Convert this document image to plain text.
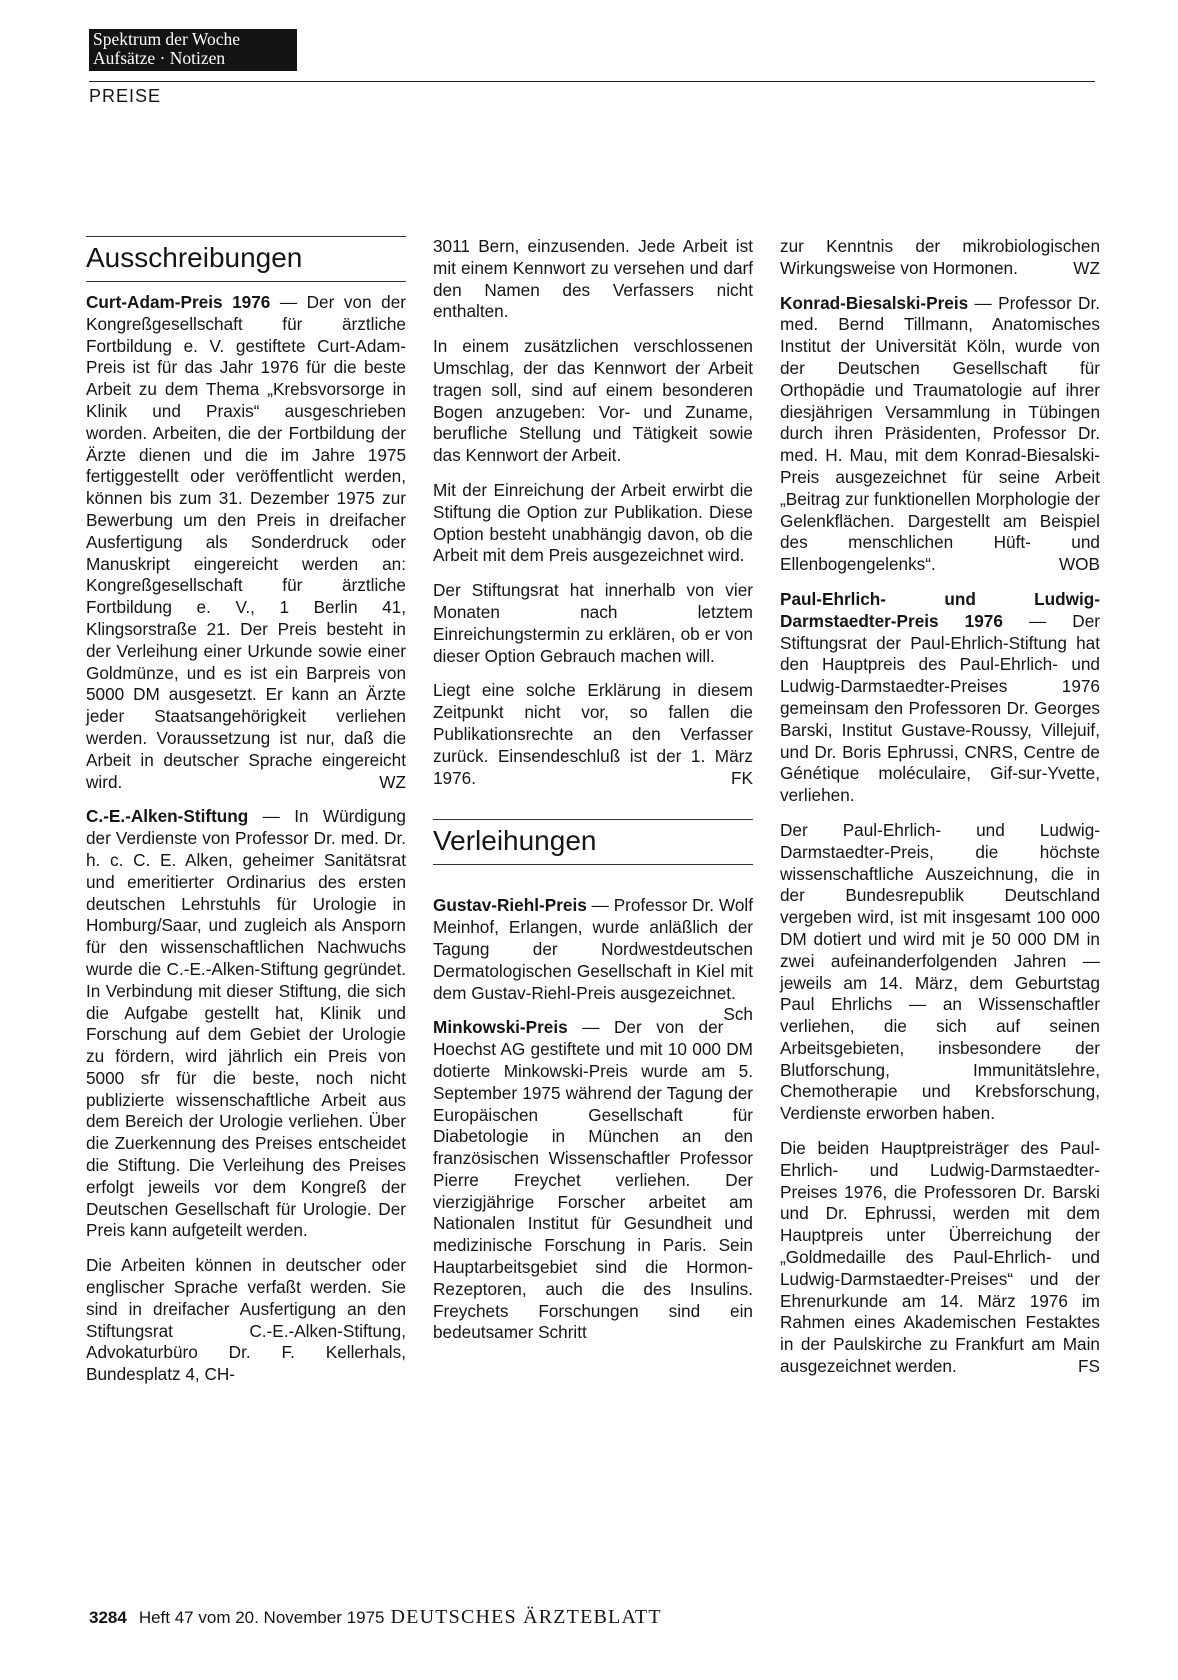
Spektrum der Woche
Aufsätze · Notizen
PREISE
Ausschreibungen

Curt-Adam-Preis 1976 — Der von der Kongreßgesellschaft für ärztliche Fortbildung e. V. gestiftete Curt-Adam-Preis ist für das Jahr 1976 für die beste Arbeit zu dem Thema „Krebsvorsorge in Klinik und Praxis“ ausgeschrieben worden. Arbeiten, die der Fortbildung der Ärzte dienen und die im Jahre 1975 fertiggestellt oder veröffentlicht werden, können bis zum 31. Dezember 1975 zur Bewerbung um den Preis in dreifacher Ausfertigung als Sonderdruck oder Manuskript eingereicht werden an: Kongreßgesellschaft für ärztliche Fortbildung e. V., 1 Berlin 41, Klingsorstraße 21. Der Preis besteht in der Verleihung einer Urkunde sowie einer Goldmünze, und es ist ein Barpreis von 5000 DM ausgesetzt. Er kann an Ärzte jeder Staatsangehörigkeit verliehen werden. Voraussetzung ist nur, daß die Arbeit in deutscher Sprache eingereicht wird.	WZ

C.-E.-Alken-Stiftung — In Würdigung der Verdienste von Professor Dr. med. Dr. h. c. C. E. Alken, geheimer Sanitätsrat und emeritierter Ordinarius des ersten deutschen Lehrstuhls für Urologie in Homburg/Saar, und zugleich als Ansporn für den wissenschaftlichen Nachwuchs wurde die C.-E.-Alken-Stiftung gegründet. In Verbindung mit dieser Stiftung, die sich die Aufgabe gestellt hat, Klinik und Forschung auf dem Gebiet der Urologie zu fördern, wird jährlich ein Preis von 5000 sfr für die beste, noch nicht publizierte wissenschaftliche Arbeit aus dem Bereich der Urologie verliehen. Über die Zuerkennung des Preises entscheidet die Stiftung. Die Verleihung des Preises erfolgt jeweils vor dem Kongreß der Deutschen Gesellschaft für Urologie. Der Preis kann aufgeteilt werden.

Die Arbeiten können in deutscher oder englischer Sprache verfaßt werden. Sie sind in dreifacher Ausfertigung an den Stiftungsrat C.-E.-Alken-Stiftung, Advokaturbüro Dr. F. Kellerhals, Bundesplatz 4, CH-

3011 Bern, einzusenden. Jede Arbeit ist mit einem Kennwort zu versehen und darf den Namen des Verfassers nicht enthalten.

In einem zusätzlichen verschlossenen Umschlag, der das Kennwort der Arbeit tragen soll, sind auf einem besonderen Bogen anzugeben: Vor- und Zuname, berufliche Stellung und Tätigkeit sowie das Kennwort der Arbeit.

Mit der Einreichung der Arbeit erwirbt die Stiftung die Option zur Publikation. Diese Option besteht unabhängig davon, ob die Arbeit mit dem Preis ausgezeichnet wird.

Der Stiftungsrat hat innerhalb von vier Monaten nach letztem Einreichungstermin zu erklären, ob er von dieser Option Gebrauch machen will.

Liegt eine solche Erklärung in diesem Zeitpunkt nicht vor, so fallen die Publikationsrechte an den Verfasser zurück. Einsendeschluß ist der 1. März 1976.	FK

Verleihungen

Gustav-Riehl-Preis — Professor Dr. Wolf Meinhof, Erlangen, wurde anläßlich der Tagung der Nordwestdeutschen Dermatologischen Gesellschaft in Kiel mit dem Gustav-Riehl-Preis ausgezeichnet.
Sch

Minkowski-Preis — Der von der Hoechst AG gestiftete und mit 10 000 DM dotierte Minkowski-Preis wurde am 5. September 1975 während der Tagung der Europäischen Gesellschaft für Diabetologie in München an den französischen Wissenschaftler Professor Pierre Freychet verliehen. Der vierzigjährige Forscher arbeitet am Nationalen Institut für Gesundheit und medizinische Forschung in Paris. Sein Hauptarbeitsgebiet sind die Hormon-Rezeptoren, auch die des Insulins. Freychets Forschungen sind ein bedeutsamer Schritt

zur Kenntnis der mikrobiologischen Wirkungsweise von Hormonen.	WZ

Konrad-Biesalski-Preis — Professor Dr. med. Bernd Tillmann, Anatomisches Institut der Universität Köln, wurde von der Deutschen Gesellschaft für Orthopädie und Traumatologie auf ihrer diesjährigen Versammlung in Tübingen durch ihren Präsidenten, Professor Dr. med. H. Mau, mit dem Konrad-Biesalski-Preis ausgezeichnet für seine Arbeit „Beitrag zur funktionellen Morphologie der Gelenkflächen. Dargestellt am Beispiel des menschlichen Hüft- und Ellenbogengelenks“.	WOB

Paul-Ehrlich- und Ludwig-Darmstaedter-Preis 1976 — Der Stiftungsrat der Paul-Ehrlich-Stiftung hat den Hauptpreis des Paul-Ehrlich- und Ludwig-Darmstaedter-Preises 1976 gemeinsam den Professoren Dr. Georges Barski, Institut Gustave-Roussy, Villejuif, und Dr. Boris Ephrussi, CNRS, Centre de Génétique moléculaire, Gif-sur-Yvette, verliehen.

Der Paul-Ehrlich- und Ludwig-Darmstaedter-Preis, die höchste wissenschaftliche Auszeichnung, die in der Bundesrepublik Deutschland vergeben wird, ist mit insgesamt 100 000 DM dotiert und wird mit je 50 000 DM in zwei aufeinanderfolgenden Jahren — jeweils am 14. März, dem Geburtstag Paul Ehrlichs — an Wissenschaftler verliehen, die sich auf seinen Arbeitsgebieten, insbesondere der Blutforschung, Immunitätslehre, Chemotherapie und Krebsforschung, Verdienste erworben haben.

Die beiden Hauptpreisträger des Paul-Ehrlich- und Ludwig-Darmstaedter-Preises 1976, die Professoren Dr. Barski und Dr. Ephrussi, werden mit dem Hauptpreis unter Überreichung der „Goldmedaille des Paul-Ehrlich- und Ludwig-Darmstaedter-Preises“ und der Ehrenurkunde am 14. März 1976 im Rahmen eines Akademischen Festaktes in der Paulskirche zu Frankfurt am Main ausgezeichnet werden.	FS

3284 Heft 47 vom 20. November 1975 DEUTSCHES ÄRZTEBLATT
